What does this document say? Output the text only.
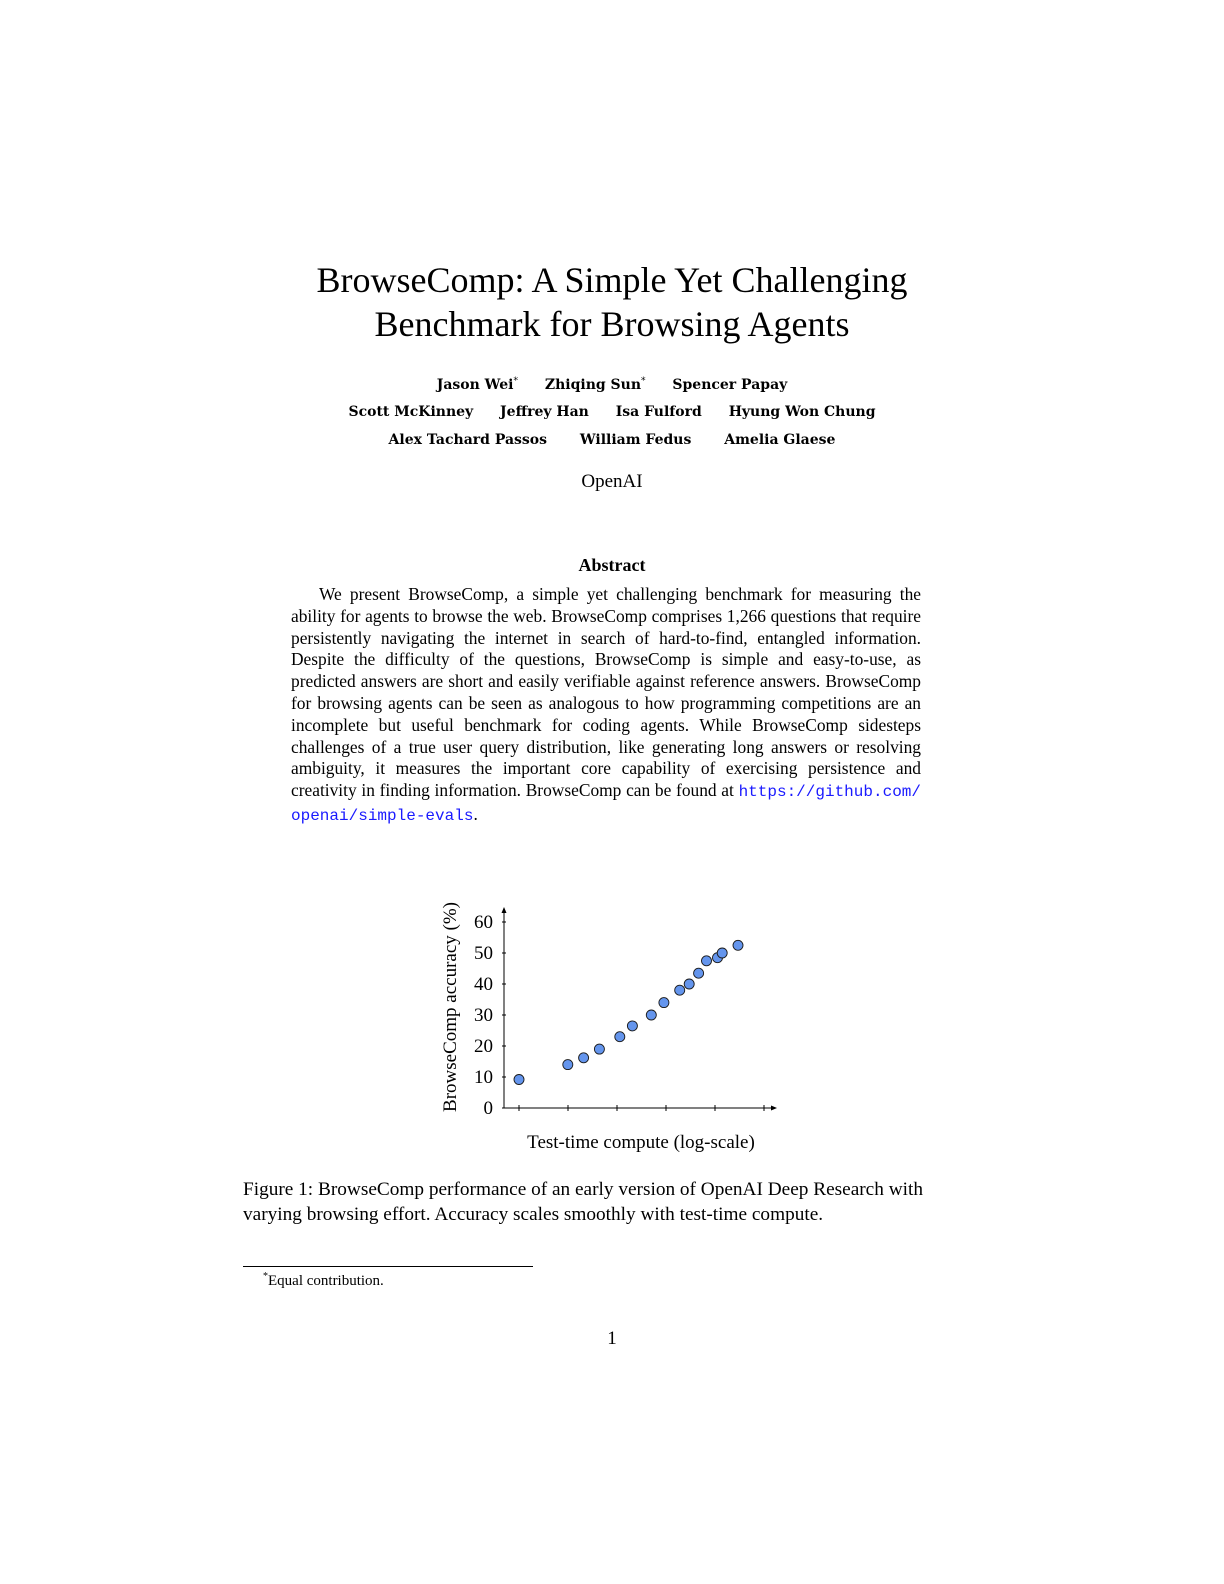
BrowseComp: A Simple Yet Challenging
Benchmark for Browsing Agents
Jason Wei* Zhiqing Sun* Spencer Papay
Scott McKinney Jeffrey Han Isa Fulford Hyung Won Chung
Alex Tachard Passos William Fedus Amelia Glaese
OpenAI
Abstract
We present BrowseComp, a simple yet challenging benchmark for measuring the ability for agents to browse the web. BrowseComp comprises 1,266 questions that require persistently navigating the internet in search of hard-to-find, entangled information. Despite the difficulty of the questions, BrowseComp is simple and easy-to-use, as predicted answers are short and easily verifiable against reference answers. BrowseComp for browsing agents can be seen as analogous to how programming competitions are an incomplete but useful benchmark for coding agents. While BrowseComp sidesteps challenges of a true user query distribution, like generating long answers or resolving ambiguity, it measures the important core capability of exercising persistence and creativity in finding information. BrowseComp can be found at https://github.com/openai/simple-evals.
BrowseComp accuracy (%) 0
10
20
30
40
50
60
Test-time compute (log-scale)
Figure 1: BrowseComp performance of an early version of OpenAI Deep Research with varying browsing effort. Accuracy scales smoothly with test-time compute.
*Equal contribution.
1
